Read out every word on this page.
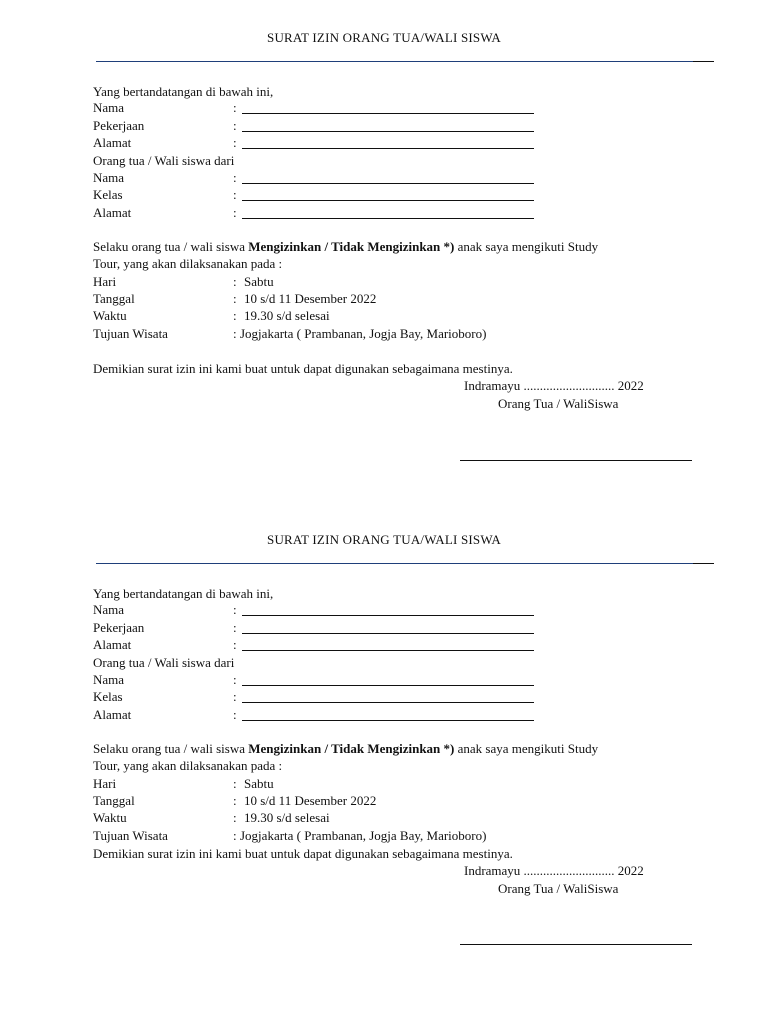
SURAT IZIN ORANG TUA/WALI SISWA
Yang bertandatangan di bawah ini,
Nama	:
Pekerjaan	:
Alamat	:
Orang tua / Wali siswa dari
Nama	:
Kelas	:
Alamat	:
Selaku orang tua / wali siswa Mengizinkan / Tidak Mengizinkan *) anak saya mengikuti Study
Tour, yang akan dilaksanakan pada :
Hari	: Sabtu
Tanggal	: 10 s/d 11 Desember 2022
Waktu	: 19.30 s/d selesai
Tujuan Wisata	: Jogjakarta ( Prambanan, Jogja Bay, Marioboro)
Demikian surat izin ini kami buat untuk dapat digunakan sebagaimana mestinya.
Indramayu ............................ 2022
Orang Tua / WaliSiswa
SURAT IZIN ORANG TUA/WALI SISWA
Yang bertandatangan di bawah ini,
Nama	:
Pekerjaan	:
Alamat	:
Orang tua / Wali siswa dari
Nama	:
Kelas	:
Alamat	:
Selaku orang tua / wali siswa Mengizinkan / Tidak Mengizinkan *) anak saya mengikuti Study
Tour, yang akan dilaksanakan pada :
Hari	: Sabtu
Tanggal	: 10 s/d 11 Desember 2022
Waktu	: 19.30 s/d selesai
Tujuan Wisata	: Jogjakarta ( Prambanan, Jogja Bay, Marioboro)
Demikian surat izin ini kami buat untuk dapat digunakan sebagaimana mestinya.
Indramayu ............................ 2022
Orang Tua / WaliSiswa
